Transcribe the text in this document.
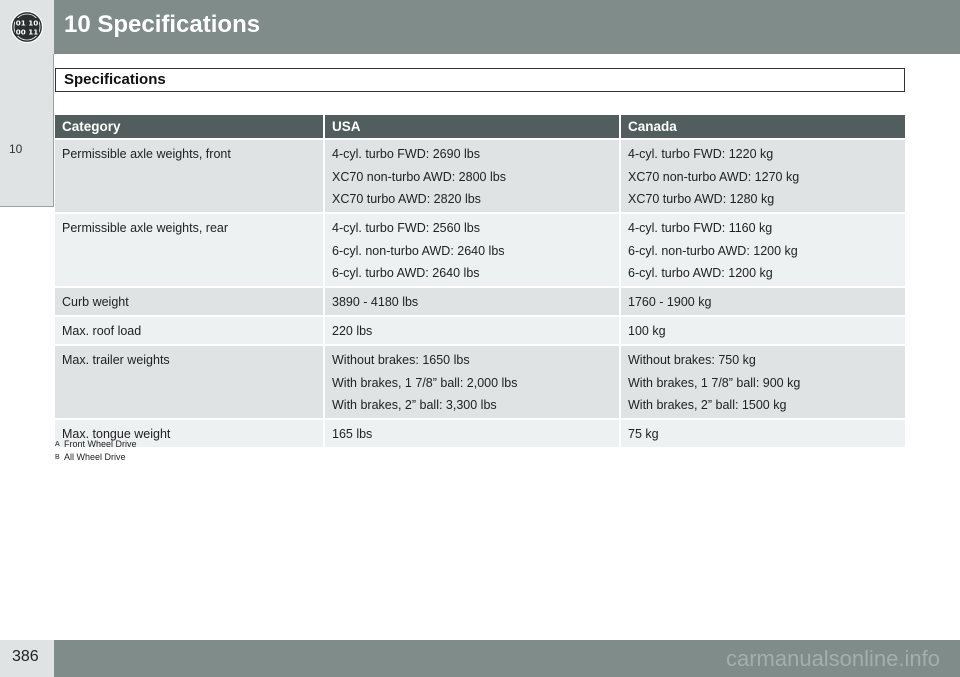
01 10
00 11 10 Specifications
10
Specifications
Category	USA	Canada

Permissible axle weights, front	4-cyl. turbo FWD: 2690 lbs
XC70 non-turbo AWD: 2800 lbs
XC70 turbo AWD: 2820 lbs	4-cyl. turbo FWD: 1220 kg
XC70 non-turbo AWD: 1270 kg
XC70 turbo AWD: 1280 kg

Permissible axle weights, rear	4-cyl. turbo FWD: 2560 lbs
6-cyl. non-turbo AWD: 2640 lbs
6-cyl. turbo AWD: 2640 lbs	4-cyl. turbo FWD: 1160 kg
6-cyl. non-turbo AWD: 1200 kg
6-cyl. turbo AWD: 1200 kg

Curb weight	3890 - 4180 lbs	1760 - 1900 kg

Max. roof load	220 lbs	100 kg

Max. trailer weights	Without brakes: 1650 lbs
With brakes, 1 7/8” ball: 2,000 lbs
With brakes, 2” ball: 3,300 lbs	Without brakes: 750 kg
With brakes, 1 7/8” ball: 900 kg
With brakes, 2” ball: 1500 kg

Max. tongue weight	165 lbs	75 kg
A Front Wheel Drive
B All Wheel Drive
386	carmanualsonline.info
